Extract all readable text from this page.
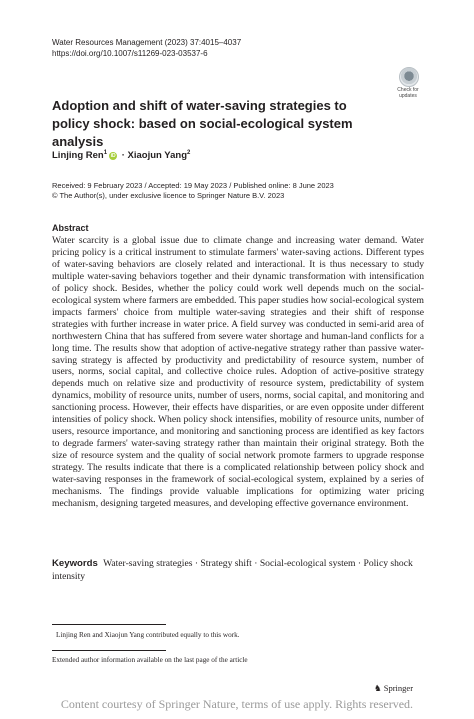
Water Resources Management (2023) 37:4015–4037
https://doi.org/10.1007/s11269-023-03537-6
Check for updates
Adoption and shift of water-saving strategies to policy shock: based on social-ecological system analysis
Linjing Ren$^1$iD · Xiaojun Yang$^2$
Received: 9 February 2023 / Accepted: 19 May 2023 / Published online: 8 June 2023
© The Author(s), under exclusive licence to Springer Nature B.V. 2023
Abstract
Water scarcity is a global issue due to climate change and increasing water demand. Water pricing policy is a critical instrument to stimulate farmers' water-saving actions. Different types of water-saving behaviors are closely related and interactional. It is thus necessary to study multiple water-saving behaviors together and their dynamic transformation with intensification of policy shock. Besides, whether the policy could work well depends much on the social-ecological system where farmers are embedded. This paper studies how social-ecological system impacts farmers' choice from multiple water-saving strategies and their shift of response strategies with further increase in water price. A field survey was conducted in semi-arid area of northwestern China that has suffered from severe water shortage and human-land conflicts for a long time. The results show that adoption of active-negative strategy rather than passive water-saving strategy is affected by productivity and predictability of resource system, number of users, norms, social capital, and collective choice rules. Adoption of active-positive strategy depends much on relative size and productivity of resource system, predictability of system dynamics, mobility of resource units, number of users, norms, social capital, and monitoring and sanctioning process. However, their effects have disparities, or are even opposite under different intensities of policy shock. When policy shock intensifies, mobility of resource units, number of users, resource importance, and monitoring and sanctioning process are identified as key factors to degrade farmers' water-saving strategy rather than maintain their original strategy. Both the size of resource system and the quality of social network promote farmers to upgrade response strategy. The results indicate that there is a complicated relationship between policy shock and water-saving responses in the framework of social-ecological system, explained by a series of mechanisms. The findings provide valuable implications for optimizing water pricing mechanism, designing targeted measures, and developing effective governance environment.
Keywords Water-saving strategies · Strategy shift · Social-ecological system · Policy shock intensity
Linjing Ren and Xiaojun Yang contributed equally to this work.
Extended author information available on the last page of the article
♞ Springer
Content courtesy of Springer Nature, terms of use apply. Rights reserved.
